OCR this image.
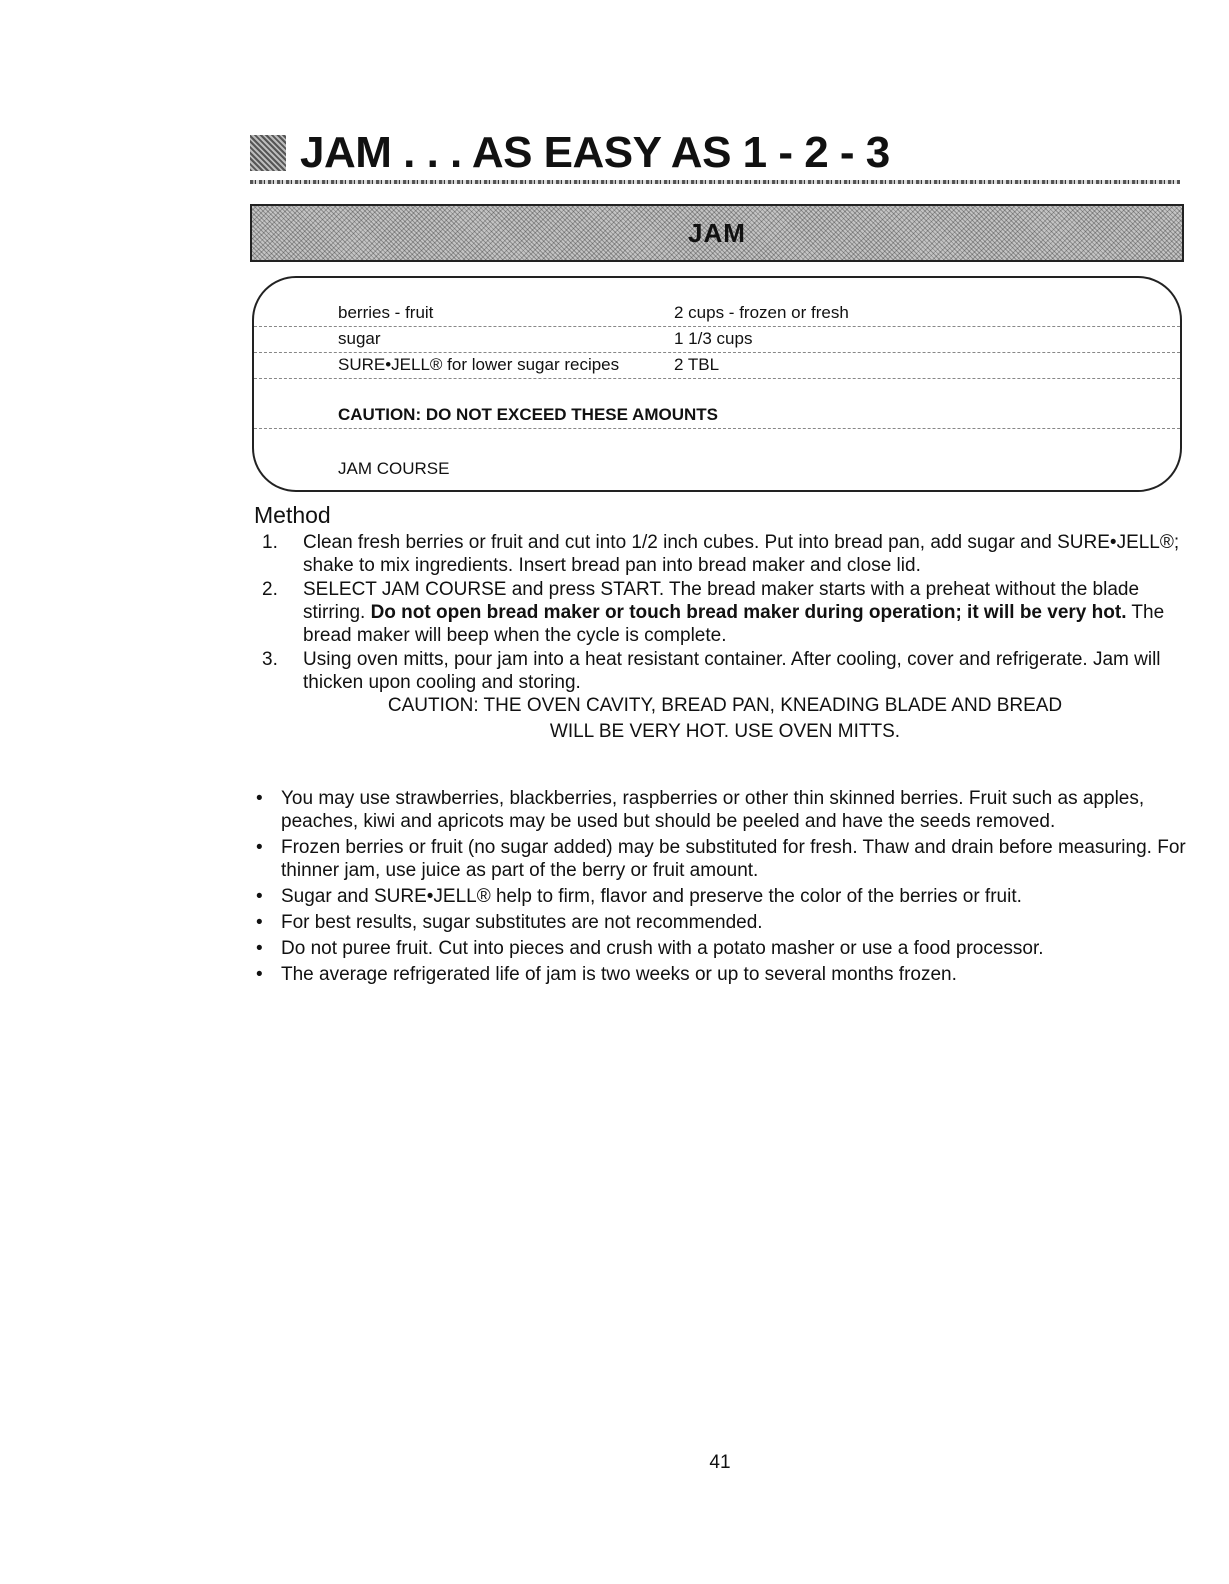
JAM . . . AS EASY AS 1 - 2 - 3
JAM
berries - fruit	2 cups - frozen or fresh
sugar	1 1/3 cups
SURE•JELL® for lower sugar recipes	2 TBL
CAUTION: DO NOT EXCEED THESE AMOUNTS
JAM COURSE
Method
1.	Clean fresh berries or fruit and cut into 1/2 inch cubes. Put into bread pan, add sugar and SURE•JELL®; shake to mix ingredients. Insert bread pan into bread maker and close lid.
2.	SELECT JAM COURSE and press START. The bread maker starts with a preheat without the blade stirring. Do not open bread maker or touch bread maker during operation; it will be very hot. The bread maker will beep when the cycle is complete.
3.	Using oven mitts, pour jam into a heat resistant container. After cooling, cover and refrigerate. Jam will thicken upon cooling and storing.
CAUTION: THE OVEN CAVITY, BREAD PAN, KNEADING BLADE AND BREAD
WILL BE VERY HOT. USE OVEN MITTS.
• You may use strawberries, blackberries, raspberries or other thin skinned berries. Fruit such as apples, peaches, kiwi and apricots may be used but should be peeled and have the seeds removed.
• Frozen berries or fruit (no sugar added) may be substituted for fresh. Thaw and drain before measuring. For thinner jam, use juice as part of the berry or fruit amount.
• Sugar and SURE•JELL® help to firm, flavor and preserve the color of the berries or fruit.
• For best results, sugar substitutes are not recommended.
• Do not puree fruit. Cut into pieces and crush with a potato masher or use a food processor.
• The average refrigerated life of jam is two weeks or up to several months frozen.
41
